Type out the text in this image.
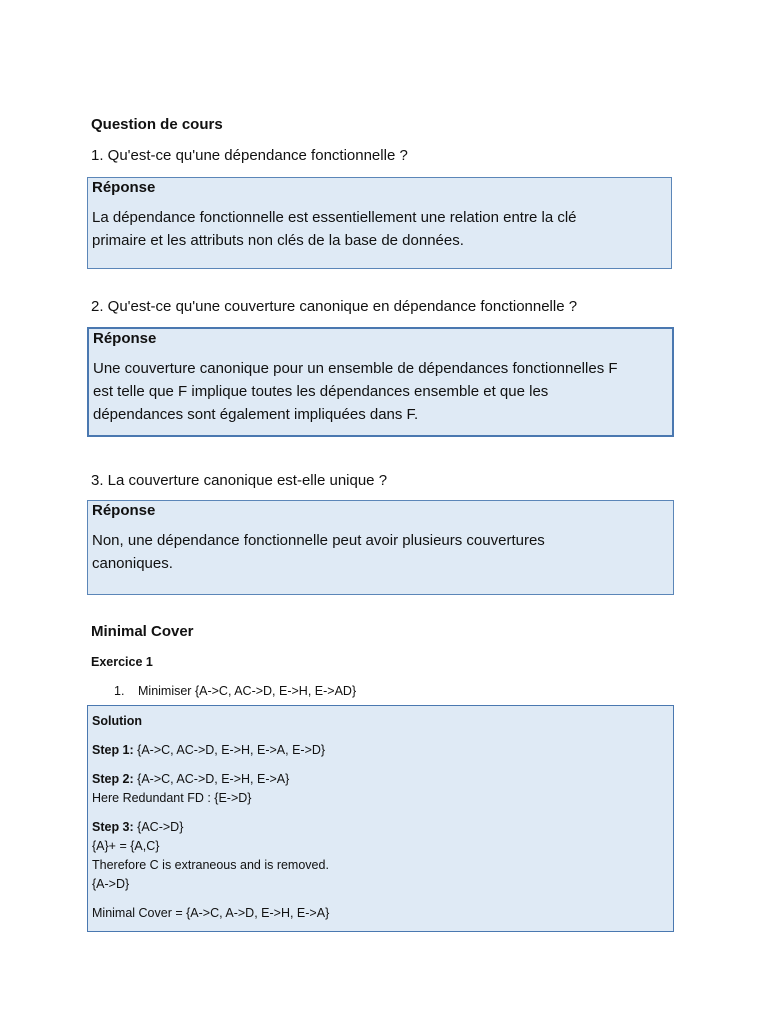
Question de cours
1. Qu'est-ce qu'une dépendance fonctionnelle ?
Réponse
La dépendance fonctionnelle est essentiellement une relation entre la clé
primaire et les attributs non clés de la base de données.
2. Qu'est-ce qu'une couverture canonique en dépendance fonctionnelle ?
Réponse
Une couverture canonique pour un ensemble de dépendances fonctionnelles F
est telle que F implique toutes les dépendances ensemble et que les
dépendances sont également impliquées dans F.
3. La couverture canonique est-elle unique ?
Réponse
Non, une dépendance fonctionnelle peut avoir plusieurs couvertures
canoniques.
Minimal Cover
Exercice 1
1. Minimiser {A->C, AC->D, E->H, E->AD}
Solution
Step 1: {A->C, AC->D, E->H, E->A, E->D}
Step 2: {A->C, AC->D, E->H, E->A}
Here Redundant FD : {E->D}
Step 3: {AC->D}
{A}+ = {A,C}
Therefore C is extraneous and is removed.
{A->D}
Minimal Cover = {A->C, A->D, E->H, E->A}
